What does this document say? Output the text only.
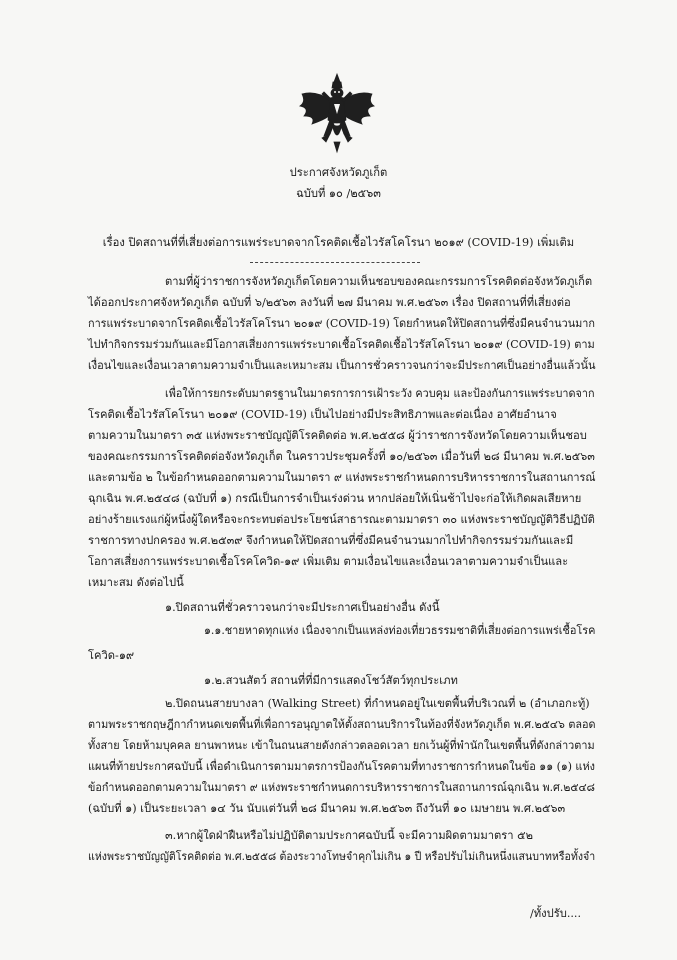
ประกาศจังหวัดภูเก็ต
ฉบับที่ ๑๐ /๒๕๖๓
เรื่อง ปิดสถานที่ที่เสี่ยงต่อการแพร่ระบาดจากโรคติดเชื้อไวรัสโคโรนา ๒๐๑๙ (COVID-19) เพิ่มเติม
ตามที่ผู้ว่าราชการจังหวัดภูเก็ตโดยความเห็นชอบของคณะกรรมการโรคติดต่อจังหวัดภูเก็ต
ได้ออกประกาศจังหวัดภูเก็ต ฉบับที่ ๖/๒๕๖๓ ลงวันที่ ๒๗ มีนาคม พ.ศ.๒๕๖๓ เรื่อง ปิดสถานที่ที่เสี่ยงต่อ
การแพร่ระบาดจากโรคติดเชื้อไวรัสโคโรนา ๒๐๑๙ (COVID-19) โดยกำหนดให้ปิดสถานที่ซึ่งมีคนจำนวนมาก
ไปทำกิจกรรมร่วมกันและมีโอกาสเสี่ยงการแพร่ระบาดเชื้อโรคติดเชื้อไวรัสโคโรนา ๒๐๑๙ (COVID-19) ตาม
เงื่อนไขและเงื่อนเวลาตามความจำเป็นและเหมาะสม เป็นการชั่วคราวจนกว่าจะมีประกาศเป็นอย่างอื่นแล้วนั้น
เพื่อให้การยกระดับมาตรฐานในมาตรการการเฝ้าระวัง ควบคุม และป้องกันการแพร่ระบาดจาก
โรคติดเชื้อไวรัสโคโรนา ๒๐๑๙ (COVID-19) เป็นไปอย่างมีประสิทธิภาพและต่อเนื่อง อาศัยอำนาจ
ตามความในมาตรา ๓๕ แห่งพระราชบัญญัติโรคติดต่อ พ.ศ.๒๕๕๘ ผู้ว่าราชการจังหวัดโดยความเห็นชอบ
ของคณะกรรมการโรคติดต่อจังหวัดภูเก็ต ในคราวประชุมครั้งที่ ๑๐/๒๕๖๓ เมื่อวันที่ ๒๘ มีนาคม พ.ศ.๒๕๖๓
และตามข้อ ๒ ในข้อกำหนดออกตามความในมาตรา ๙ แห่งพระราชกำหนดการบริหารราชการในสถานการณ์
ฉุกเฉิน พ.ศ.๒๕๔๘ (ฉบับที่ ๑) กรณีเป็นการจำเป็นเร่งด่วน หากปล่อยให้เนิ่นช้าไปจะก่อให้เกิดผลเสียหาย
อย่างร้ายแรงแก่ผู้หนึ่งผู้ใดหรือจะกระทบต่อประโยชน์สาธารณะตามมาตรา ๓๐ แห่งพระราชบัญญัติวิธีปฏิบัติ
ราชการทางปกครอง พ.ศ.๒๕๓๙ จึงกำหนดให้ปิดสถานที่ซึ่งมีคนจำนวนมากไปทำกิจกรรมร่วมกันและมี
โอกาสเสี่ยงการแพร่ระบาดเชื้อโรคโควิด-๑๙ เพิ่มเติม ตามเงื่อนไขและเงื่อนเวลาตามความจำเป็นและ
เหมาะสม ดังต่อไปนี้
๑.ปิดสถานที่ชั่วคราวจนกว่าจะมีประกาศเป็นอย่างอื่น ดังนี้
๑.๑.ชายหาดทุกแห่ง เนื่องจากเป็นแหล่งท่องเที่ยวธรรมชาติที่เสี่ยงต่อการแพร่เชื้อโรค
โควิด-๑๙
๑.๒.สวนสัตว์ สถานที่ที่มีการแสดงโชว์สัตว์ทุกประเภท
๒.ปิดถนนสายบางลา (Walking Street) ที่กำหนดอยู่ในเขตพื้นที่บริเวณที่ ๒ (อำเภอกะทู้)
ตามพระราชกฤษฎีกากำหนดเขตพื้นที่เพื่อการอนุญาตให้ตั้งสถานบริการในท้องที่จังหวัดภูเก็ต พ.ศ.๒๕๔๖ ตลอด
ทั้งสาย โดยห้ามบุคคล ยานพาหนะ เข้าในถนนสายดังกล่าวตลอดเวลา ยกเว้นผู้ที่พำนักในเขตพื้นที่ดังกล่าวตาม
แผนที่ท้ายประกาศฉบับนี้ เพื่อดำเนินการตามมาตรการป้องกันโรคตามที่ทางราชการกำหนดในข้อ ๑๑ (๑) แห่ง
ข้อกำหนดออกตามความในมาตรา ๙ แห่งพระราชกำหนดการบริหารราชการในสถานการณ์ฉุกเฉิน พ.ศ.๒๕๔๘
(ฉบับที่ ๑) เป็นระยะเวลา ๑๔ วัน นับแต่วันที่ ๒๘ มีนาคม พ.ศ.๒๕๖๓ ถึงวันที่ ๑๐ เมษายน พ.ศ.๒๕๖๓
๓.หากผู้ใดฝ่าฝืนหรือไม่ปฏิบัติตามประกาศฉบับนี้ จะมีความผิดตามมาตรา ๕๒
แห่งพระราชบัญญัติโรคติดต่อ พ.ศ.๒๕๕๘ ต้องระวางโทษจำคุกไม่เกิน ๑ ปี หรือปรับไม่เกินหนึ่งแสนบาทหรือทั้งจำ
/ทั้งปรับ....
